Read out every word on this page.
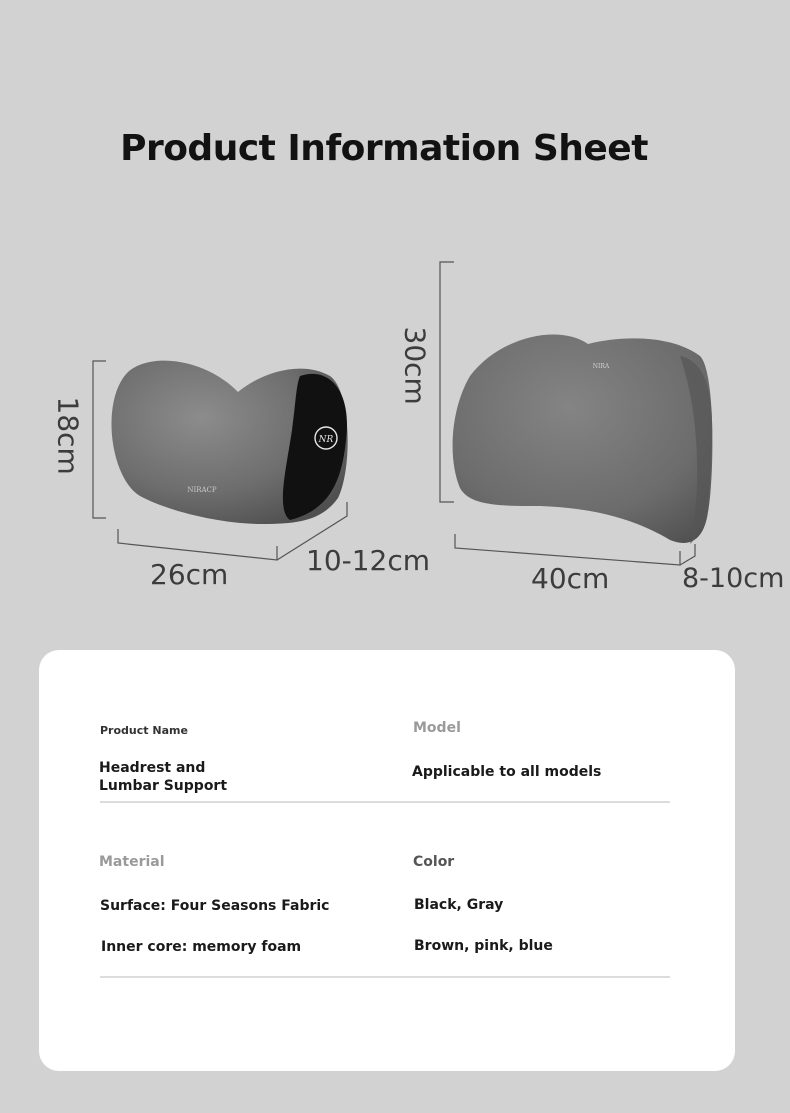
Product Information Sheet
NR
NIRACP
NIRA
18cm
26cm	10-12cm
30cm
40cm	8-10cm
Product Name
Headrest and
Lumbar Support
Model
Applicable to all models
Material
Surface: Four Seasons Fabric
Inner core: memory foam
Color
Black, Gray
Brown, pink, blue
